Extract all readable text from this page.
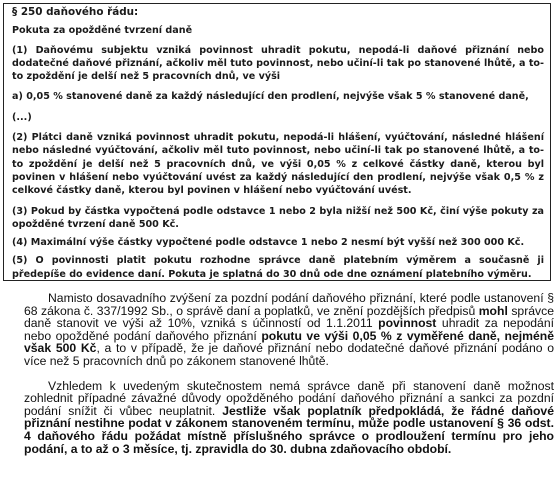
§ 250 daňového řádu:
Pokuta za opožděné tvrzení daně

(1) Daňovému subjektu vzniká povinnost uhradit pokutu, nepodá-li daňové přiznání nebo dodatečné daňové přiznání, ačkoliv měl tuto povinnost, nebo učiní-li tak po stanovené lhůtě, a to-to zpoždění je delší než 5 pracovních dnů, ve výši

a) 0,05 % stanovené daně za každý následující den prodlení, nejvýše však 5 % stanovené daně,

(...)

(2) Plátci daně vzniká povinnost uhradit pokutu, nepodá-li hlášení, vyúčtování, následné hlášení nebo následné vyúčtování, ačkoliv měl tuto povinnost, nebo učiní-li tak po stanovené lhůtě, a to-to zpoždění je delší než 5 pracovních dnů, ve výši 0,05 % z celkové částky daně, kterou byl povinen v hlášení nebo vyúčtování uvést za každý následující den prodlení, nejvýše však 0,5 % z celkové částky daně, kterou byl povinen v hlášení nebo vyúčtování uvést.

(3) Pokud by částka vypočtená podle odstavce 1 nebo 2 byla nižší než 500 Kč, činí výše pokuty za opožděné tvrzení daně 500 Kč.

(4) Maximální výše částky vypočtené podle odstavce 1 nebo 2 nesmí být vyšší než 300 000 Kč.

(5) O povinnosti platit pokutu rozhodne správce daně platebním výměrem a současně ji předepíše do evidence daní. Pokuta je splatná do 30 dnů ode dne oznámení platebního výměru.

Namisto dosavadního zvýšení za pozdní podání daňového přiznání, které podle ustanovení § 68 zákona č. 337/1992 Sb., o správě daní a poplatků, ve znění pozdějších předpisů mohl správce daně stanovit ve výši až 10%, vzniká s účinností od 1.1.2011 povinnost uhradit za nepodání nebo opožděné podání daňového přiznání pokutu ve výši 0,05 % z vyměřené daně, nejméně však 500 Kč, a to v případě, že je daňové přiznání nebo dodatečné daňové přiznání podáno o více než 5 pracovních dnů po zákonem stanovené lhůtě.

Vzhledem k uvedeným skutečnostem nemá správce daně při stanovení daně možnost zohlednit případné závažné důvody opožděného podání daňového přiznání a sankci za pozdní podání snížit či vůbec neuplatnit. Jestliže však poplatník předpokládá, že řádné daňové přiznání nestihne podat v zákonem stanoveném termínu, může podle ustanovení § 36 odst. 4 daňového řádu požádat místně příslušného správce o prodloužení termínu pro jeho podání, a to až o 3 měsíce, tj. zpravidla do 30. dubna zdaňovacího období.
